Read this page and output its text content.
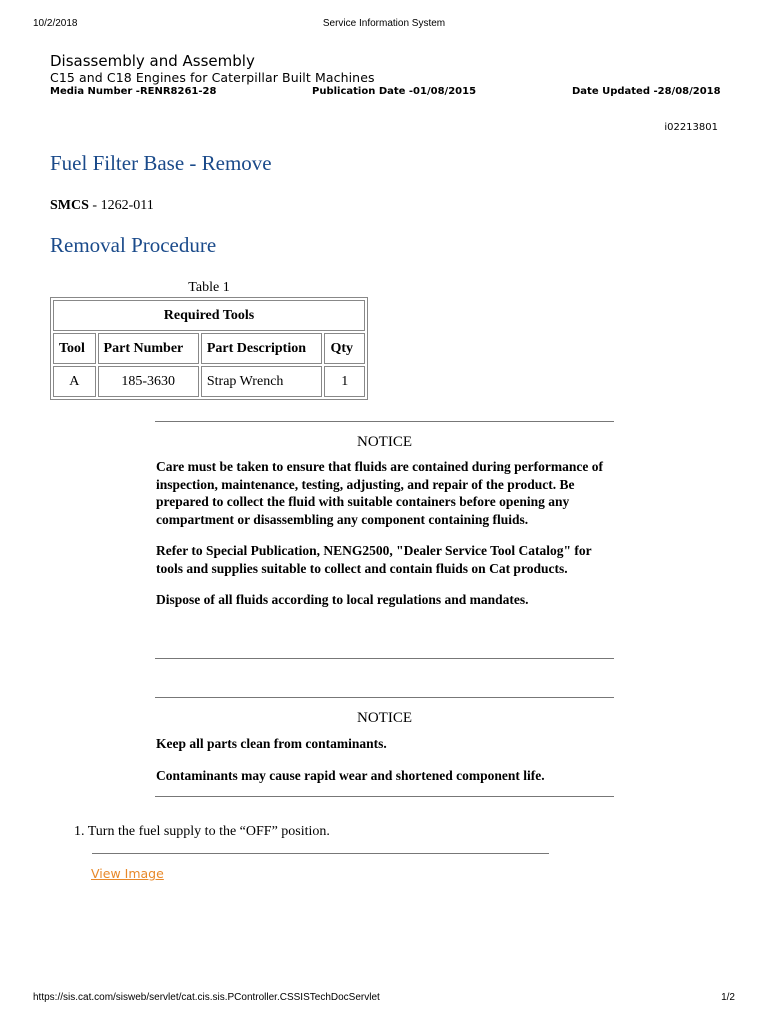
10/2/2018	Service Information System
Disassembly and Assembly
C15 and C18 Engines for Caterpillar Built Machines
Media Number -RENR8261-28	Publication Date -01/08/2015	Date Updated -28/08/2018
i02213801
Fuel Filter Base - Remove
SMCS - 1262-011
Removal Procedure
Table 1
Required Tools			
Tool	Part Number	Part Description	Qty
A	185-3630	Strap Wrench	1
NOTICE

Care must be taken to ensure that fluids are contained during performance of inspection, maintenance, testing, adjusting, and repair of the product. Be prepared to collect the fluid with suitable containers before opening any compartment or disassembling any component containing fluids.

Refer to Special Publication, NENG2500, "Dealer Service Tool Catalog" for tools and supplies suitable to collect and contain fluids on Cat products.

Dispose of all fluids according to local regulations and mandates.

NOTICE

Keep all parts clean from contaminants.

Contaminants may cause rapid wear and shortened component life.

1. Turn the fuel supply to the “OFF” position.
View Image
https://sis.cat.com/sisweb/servlet/cat.cis.sis.PController.CSSISTechDocServlet	1/2
